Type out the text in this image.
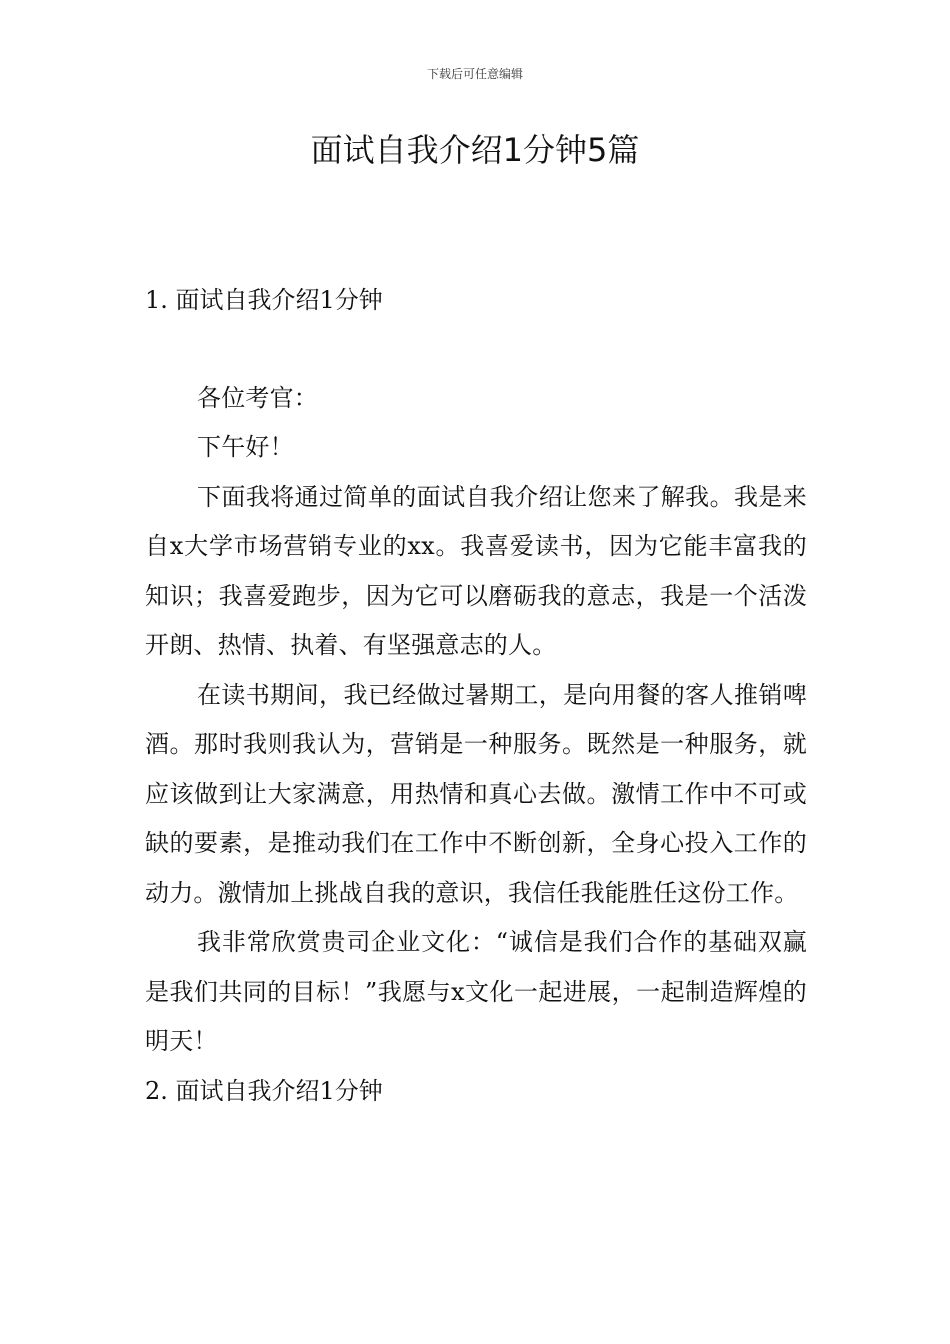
下载后可任意编辑
面试自我介绍1分钟5篇
1. 面试自我介绍1分钟

各位考官：

下午好！

下面我将通过简单的面试自我介绍让您来了解我。我是来自x大学市场营销专业的xx。我喜爱读书，因为它能丰富我的知识；我喜爱跑步，因为它可以磨砺我的意志，我是一个活泼开朗、热情、执着、有坚强意志的人。

在读书期间，我已经做过暑期工，是向用餐的客人推销啤酒。那时我则我认为，营销是一种服务。既然是一种服务，就应该做到让大家满意，用热情和真心去做。激情工作中不可或缺的要素，是推动我们在工作中不断创新，全身心投入工作的动力。激情加上挑战自我的意识，我信任我能胜任这份工作。

我非常欣赏贵司企业文化：“诚信是我们合作的基础双赢是我们共同的目标！”我愿与x文化一起进展，一起制造辉煌的明天！

2. 面试自我介绍1分钟
